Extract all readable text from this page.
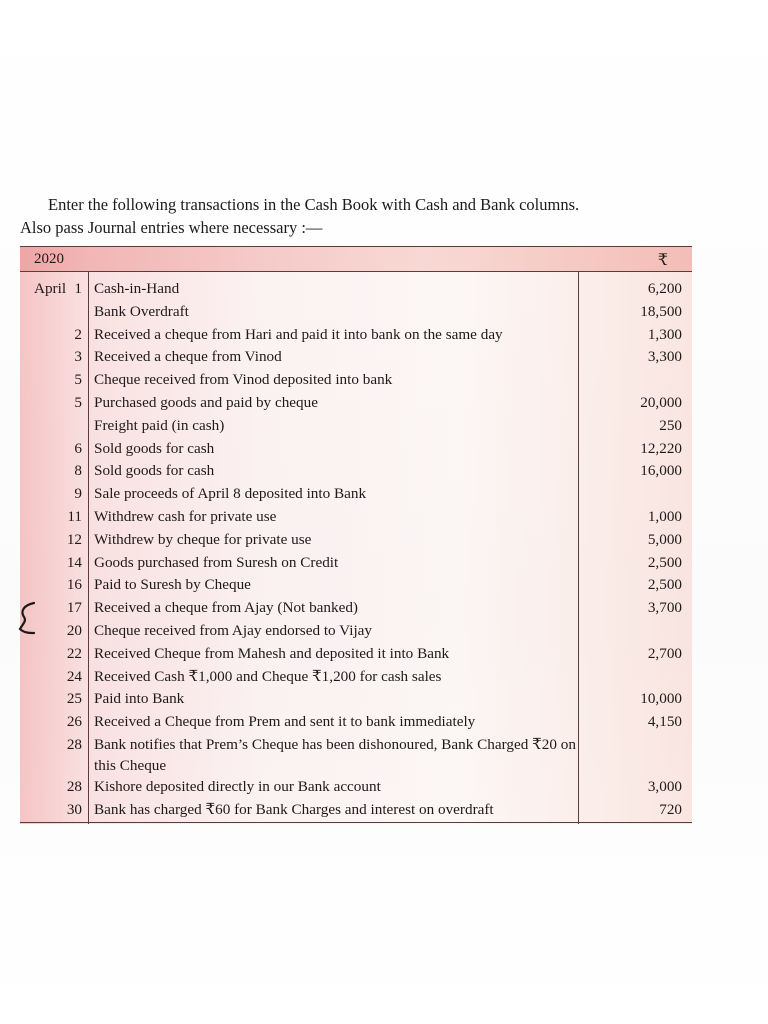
Enter the following transactions in the Cash Book with Cash and Bank columns.
Also pass Journal entries where necessary :—
2020	₹
April 1 Cash-in-Hand	6,200
Bank Overdraft	18,500
2 Received a cheque from Hari and paid it into bank on the same day	1,300
3 Received a cheque from Vinod	3,300
5 Cheque received from Vinod deposited into bank
5 Purchased goods and paid by cheque	20,000
Freight paid (in cash)	250
6 Sold goods for cash	12,220
8 Sold goods for cash	16,000
9 Sale proceeds of April 8 deposited into Bank
11 Withdrew cash for private use	1,000
12 Withdrew by cheque for private use	5,000
14 Goods purchased from Suresh on Credit	2,500
16 Paid to Suresh by Cheque	2,500
17 Received a cheque from Ajay (Not banked)	3,700
20 Cheque received from Ajay endorsed to Vijay
22 Received Cheque from Mahesh and deposited it into Bank	2,700
24 Received Cash ₹1,000 and Cheque ₹1,200 for cash sales
25 Paid into Bank	10,000
26 Received a Cheque from Prem and sent it to bank immediately	4,150
28 Bank notifies that Prem’s Cheque has been dishonoured, Bank Charged ₹20 on this Cheque
28 Kishore deposited directly in our Bank account	3,000
30 Bank has charged ₹60 for Bank Charges and interest on overdraft	720
